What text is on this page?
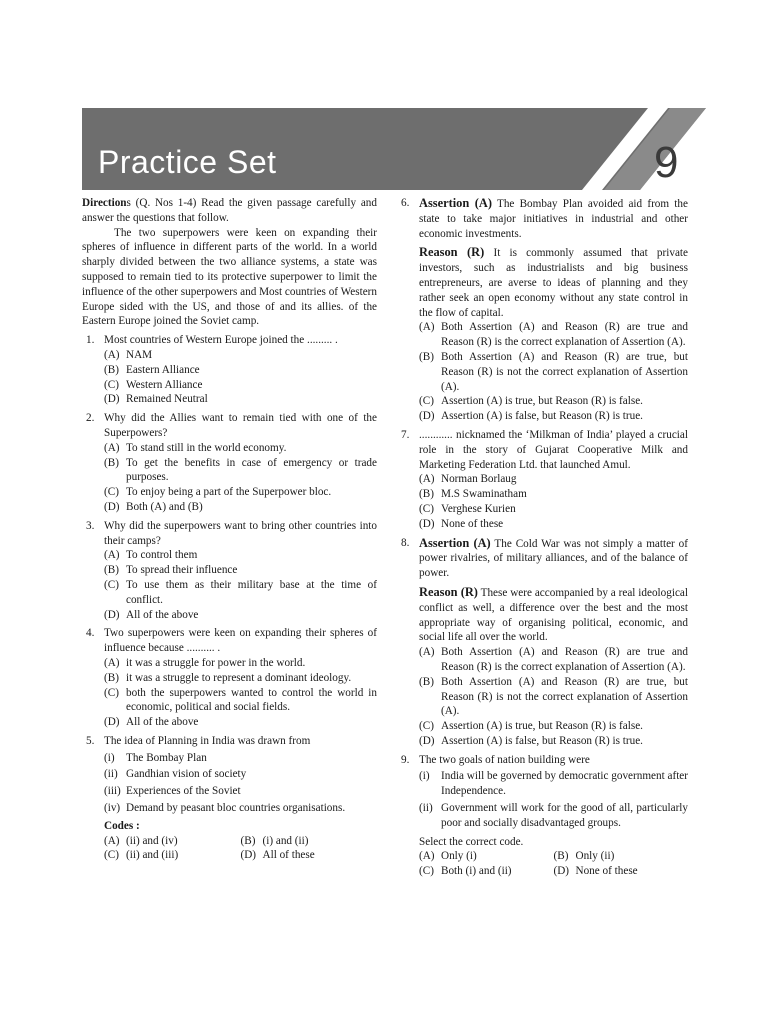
Practice Set	9

Directions (Q. Nos 1-4) Read the given passage carefully and answer the questions that follow.

The two superpowers were keen on expanding their spheres of influence in different parts of the world. In a world sharply divided between the two alliance systems, a state was supposed to remain tied to its protective superpower to limit the influence of the other superpowers and Most countries of Western Europe sided with the US, and those of and its allies. of the Eastern Europe joined the Soviet camp.

1. Most countries of Western Europe joined the ......... .
(A) NAM
(B) Eastern Alliance
(C) Western Alliance
(D) Remained Neutral
2. Why did the Allies want to remain tied with one of the Superpowers?
(A) To stand still in the world economy.
(B) To get the benefits in case of emergency or trade purposes.
(C) To enjoy being a part of the Superpower bloc.
(D) Both (A) and (B)
3. Why did the superpowers want to bring other countries into their camps?
(A) To control them
(B) To spread their influence
(C) To use them as their military base at the time of conflict.
(D) All of the above
4. Two superpowers were keen on expanding their spheres of influence because .......... .
(A) it was a struggle for power in the world.
(B) it was a struggle to represent a dominant ideology.
(C) both the superpowers wanted to control the world in economic, political and social fields.
(D) All of the above
5. The idea of Planning in India was drawn from
(i) The Bombay Plan
(ii) Gandhian vision of society
(iii) Experiences of the Soviet
(iv) Demand by peasant bloc countries organisations.
Codes :
(A) (ii) and (iv)	(B) (i) and (ii)
(C) (ii) and (iii)	(D) All of these
6. Assertion (A) The Bombay Plan avoided aid from the state to take major initiatives in industrial and other economic investments.
Reason (R) It is commonly assumed that private investors, such as industrialists and big business entrepreneurs, are averse to ideas of planning and they rather seek an open economy without any state control in the flow of capital.
(A) Both Assertion (A) and Reason (R) are true and Reason (R) is the correct explanation of Assertion (A).
(B) Both Assertion (A) and Reason (R) are true, but Reason (R) is not the correct explanation of Assertion (A).
(C) Assertion (A) is true, but Reason (R) is false.
(D) Assertion (A) is false, but Reason (R) is true.
7. ............ nicknamed the ‘Milkman of India’ played a crucial role in the story of Gujarat Cooperative Milk and Marketing Federation Ltd. that launched Amul.
(A) Norman Borlaug
(B) M.S Swaminatham
(C) Verghese Kurien
(D) None of these
8. Assertion (A) The Cold War was not simply a matter of power rivalries, of military alliances, and of the balance of power.
Reason (R) These were accompanied by a real ideological conflict as well, a difference over the best and the most appropriate way of organising political, economic, and social life all over the world.
(A) Both Assertion (A) and Reason (R) are true and Reason (R) is the correct explanation of Assertion (A).
(B) Both Assertion (A) and Reason (R) are true, but Reason (R) is not the correct explanation of Assertion (A).
(C) Assertion (A) is true, but Reason (R) is false.
(D) Assertion (A) is false, but Reason (R) is true.
9. The two goals of nation building were
(i) India will be governed by democratic government after Independence.
(ii) Government will work for the good of all, particularly poor and socially disadvantaged groups.
Select the correct code.
(A) Only (i)	(B) Only (ii)
(C) Both (i) and (ii)	(D) None of these
